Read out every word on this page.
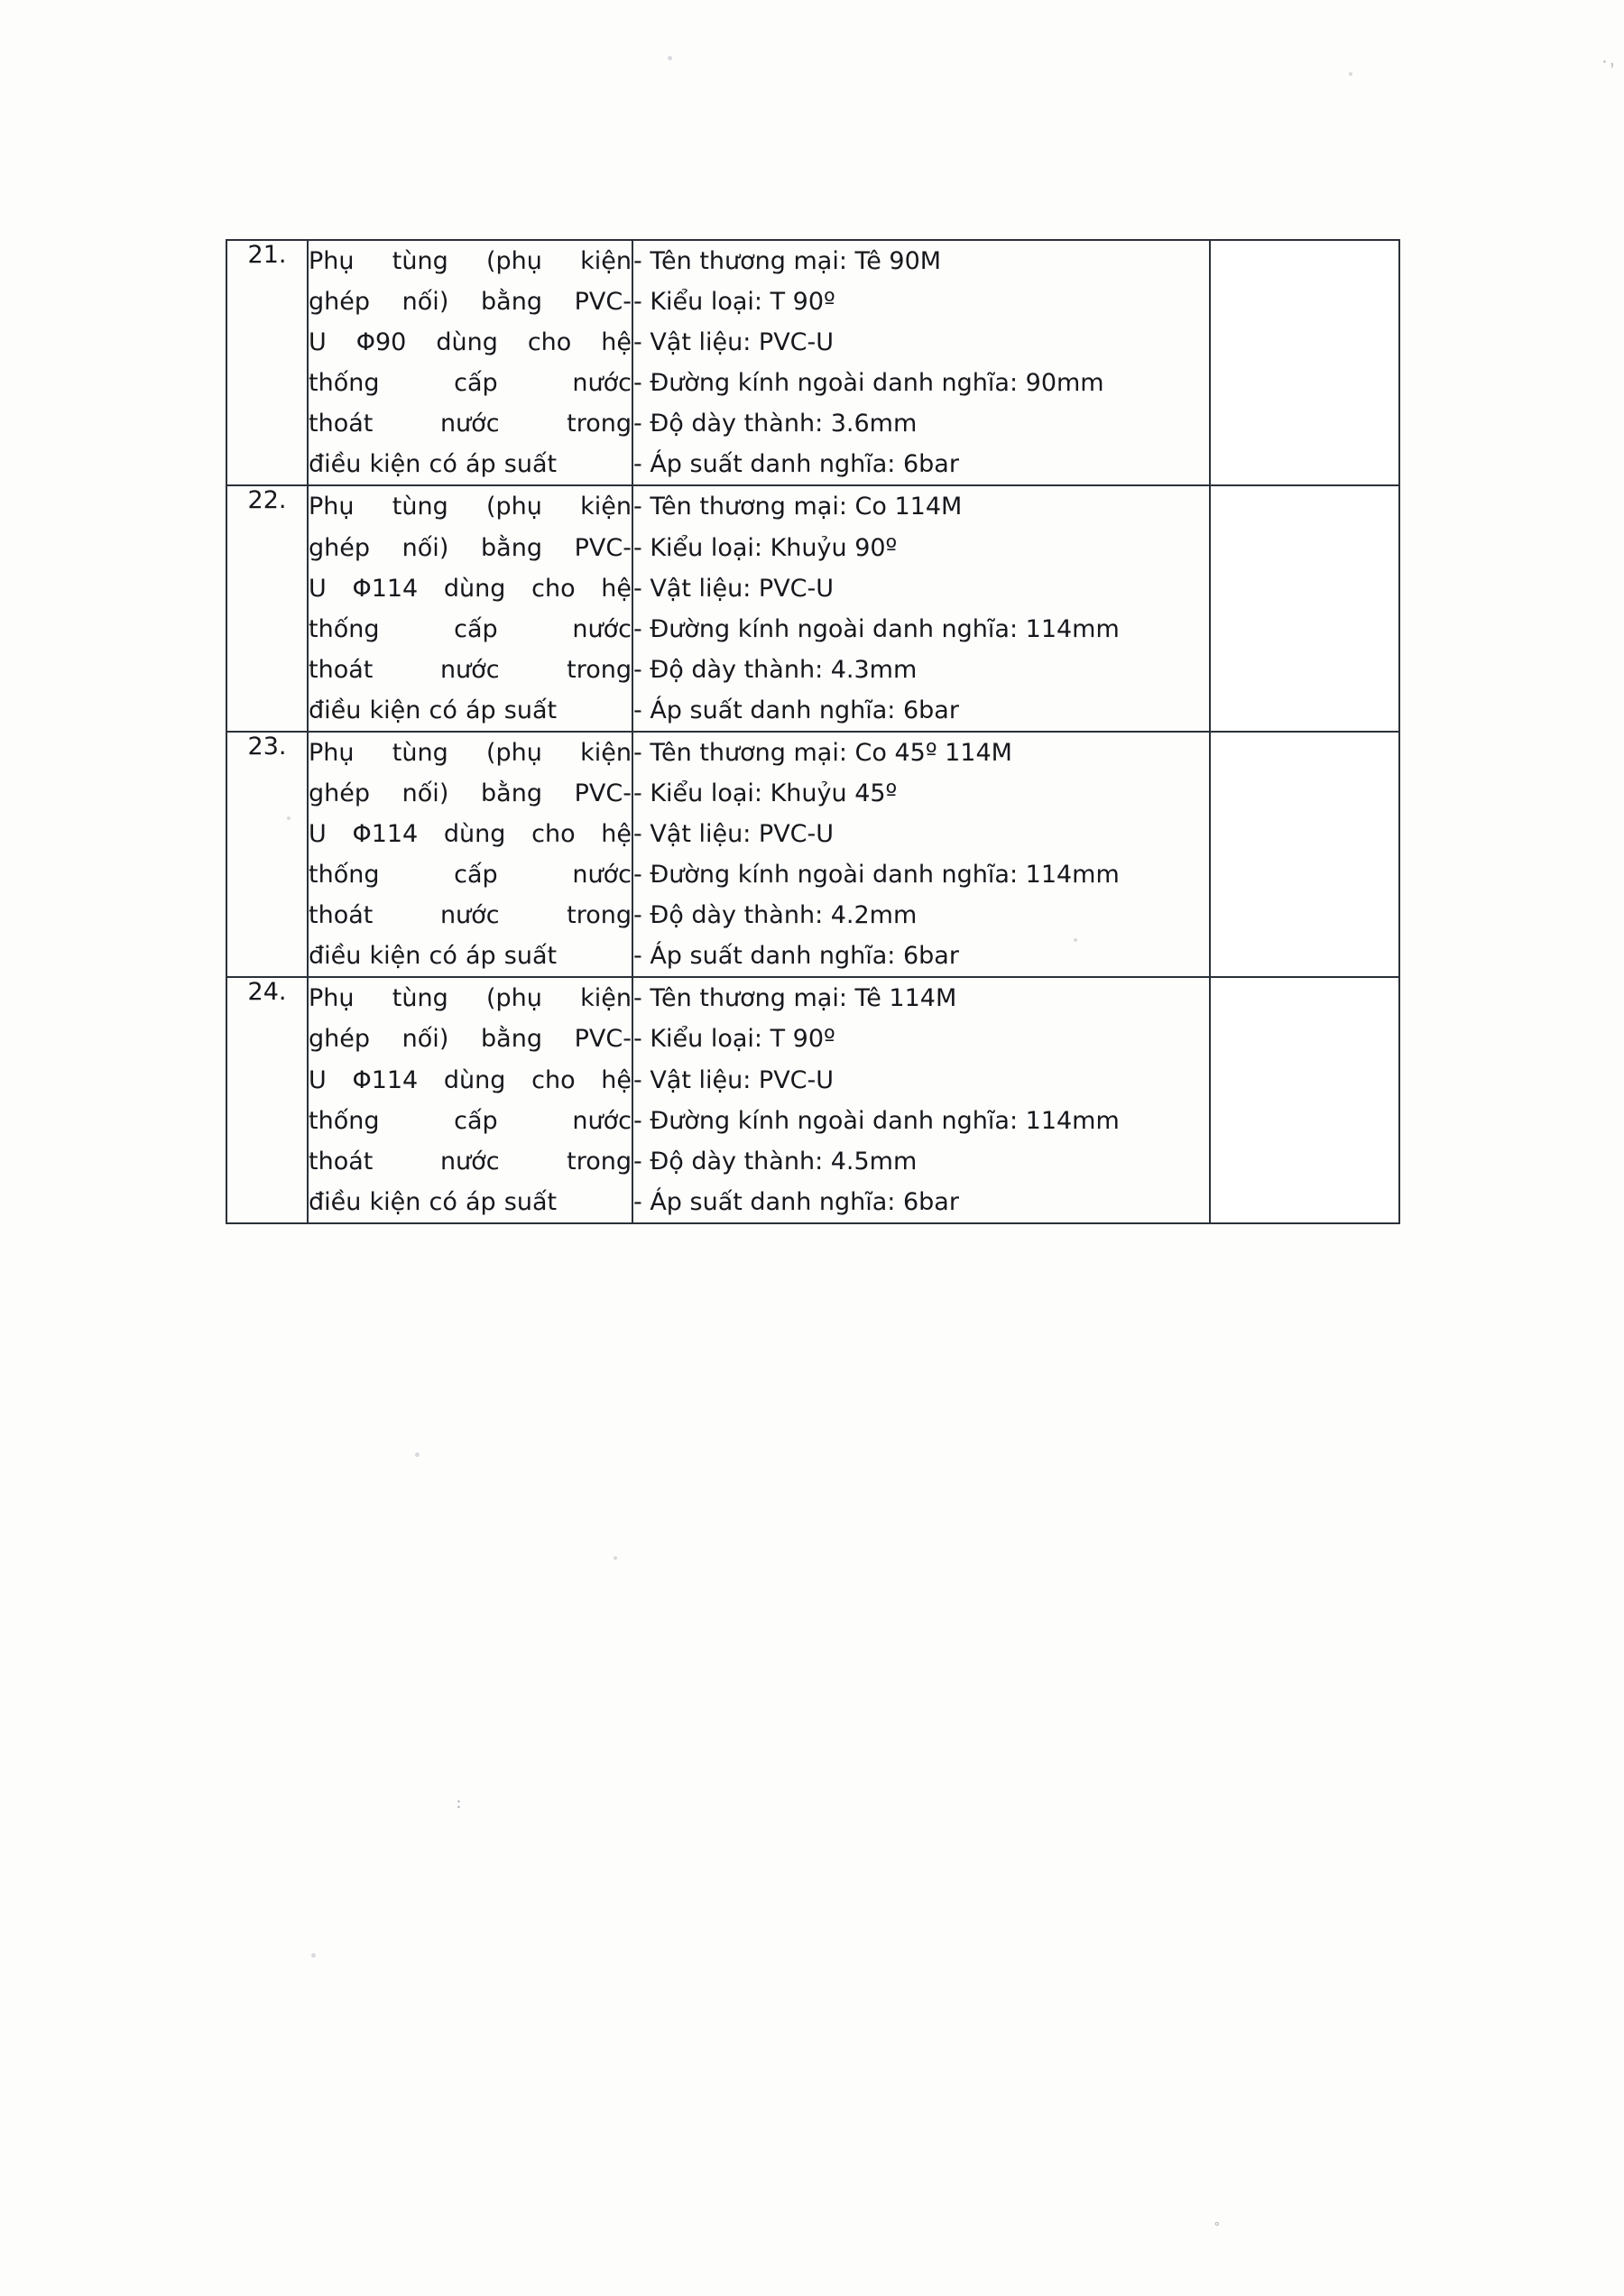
21.	Phụ tùng (phụ kiện
ghép nối) bằng PVC-
U Φ90 dùng cho hệ
thống cấp nước
thoát nước trong
điều kiện có áp suất

- Tên thương mại: Tê 90M
- Kiểu loại: T 90º
- Vật liệu: PVC-U
- Đường kính ngoài danh nghĩa: 90mm
- Độ dày thành: 3.6mm
- Áp suất danh nghĩa: 6bar

22.	Phụ tùng (phụ kiện
ghép nối) bằng PVC-
U Φ114 dùng cho hệ
thống cấp nước
thoát nước trong
điều kiện có áp suất

- Tên thương mại: Co 114M
- Kiểu loại: Khuỷu 90º
- Vật liệu: PVC-U
- Đường kính ngoài danh nghĩa: 114mm
- Độ dày thành: 4.3mm
- Áp suất danh nghĩa: 6bar

23.	Phụ tùng (phụ kiện
ghép nối) bằng PVC-
U Φ114 dùng cho hệ
thống cấp nước
thoát nước trong
điều kiện có áp suất

- Tên thương mại: Co 45º 114M
- Kiểu loại: Khuỷu 45º
- Vật liệu: PVC-U
- Đường kính ngoài danh nghĩa: 114mm
- Độ dày thành: 4.2mm
- Áp suất danh nghĩa: 6bar

24.	Phụ tùng (phụ kiện
ghép nối) bằng PVC-
U Φ114 dùng cho hệ
thống cấp nước
thoát nước trong
điều kiện có áp suất

- Tên thương mại: Tê 114M
- Kiểu loại: T 90º
- Vật liệu: PVC-U
- Đường kính ngoài danh nghĩa: 114mm
- Độ dày thành: 4.5mm
- Áp suất danh nghĩa: 6bar

·,
:
∘
